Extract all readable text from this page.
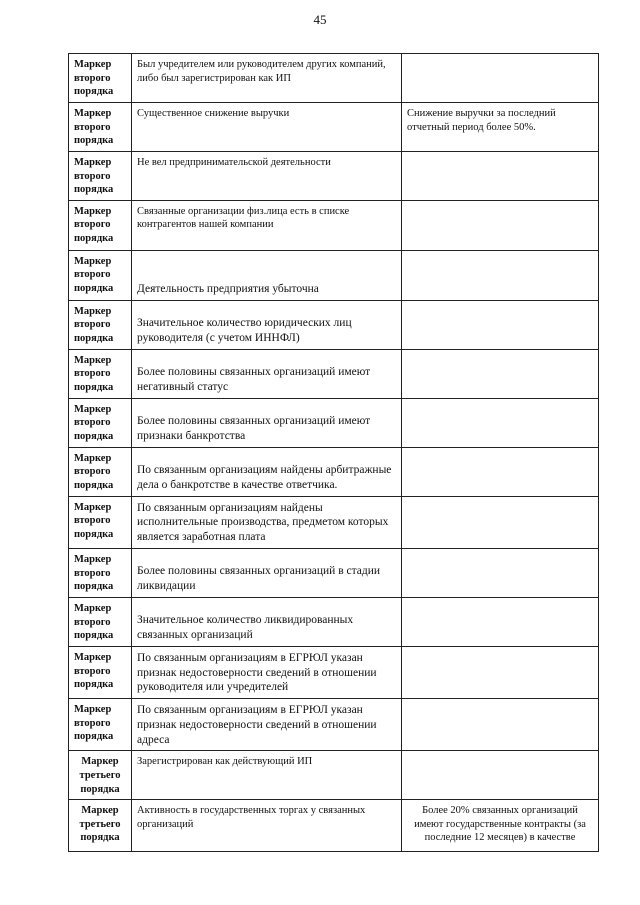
45
Маркер второго порядка	Был учредителем или руководителем других компаний, либо был зарегистрирован как ИП	
Маркер второго порядка	Существенное снижение выручки	Снижение выручки за последний отчетный период более 50%.
Маркер второго порядка	Не вел предпринимательской деятельности	
Маркер второго порядка	Связанные организации физ.лица есть в списке контрагентов нашей компании	
Маркер второго порядка	Деятельность предприятия убыточна	
Маркер второго порядка	Значительное количество юридических лиц руководителя (с учетом ИННФЛ)	
Маркер второго порядка	Более половины связанных организаций имеют негативный статус	
Маркер второго порядка	Более половины связанных организаций имеют признаки банкротства	
Маркер второго порядка	По связанным организациям найдены арбитражные дела о банкротстве в качестве ответчика.	
Маркер второго порядка	По связанным организациям найдены исполнительные производства, предметом которых является заработная плата	
Маркер второго порядка	Более половины связанных организаций в стадии ликвидации	
Маркер второго порядка	Значительное количество ликвидированных связанных организаций	
Маркер второго порядка	По связанным организациям в ЕГРЮЛ указан признак недостоверности сведений в отношении руководителя или учредителей	
Маркер второго порядка	По связанным организациям в ЕГРЮЛ указан признак недостоверности сведений в отношении адреса	
Маркер третьего порядка	Зарегистрирован как действующий ИП	
Маркер третьего порядка	Активность в государственных торгах у связанных организаций	Более 20% связанных организаций имеют государственные контракты (за последние 12 месяцев) в качестве
